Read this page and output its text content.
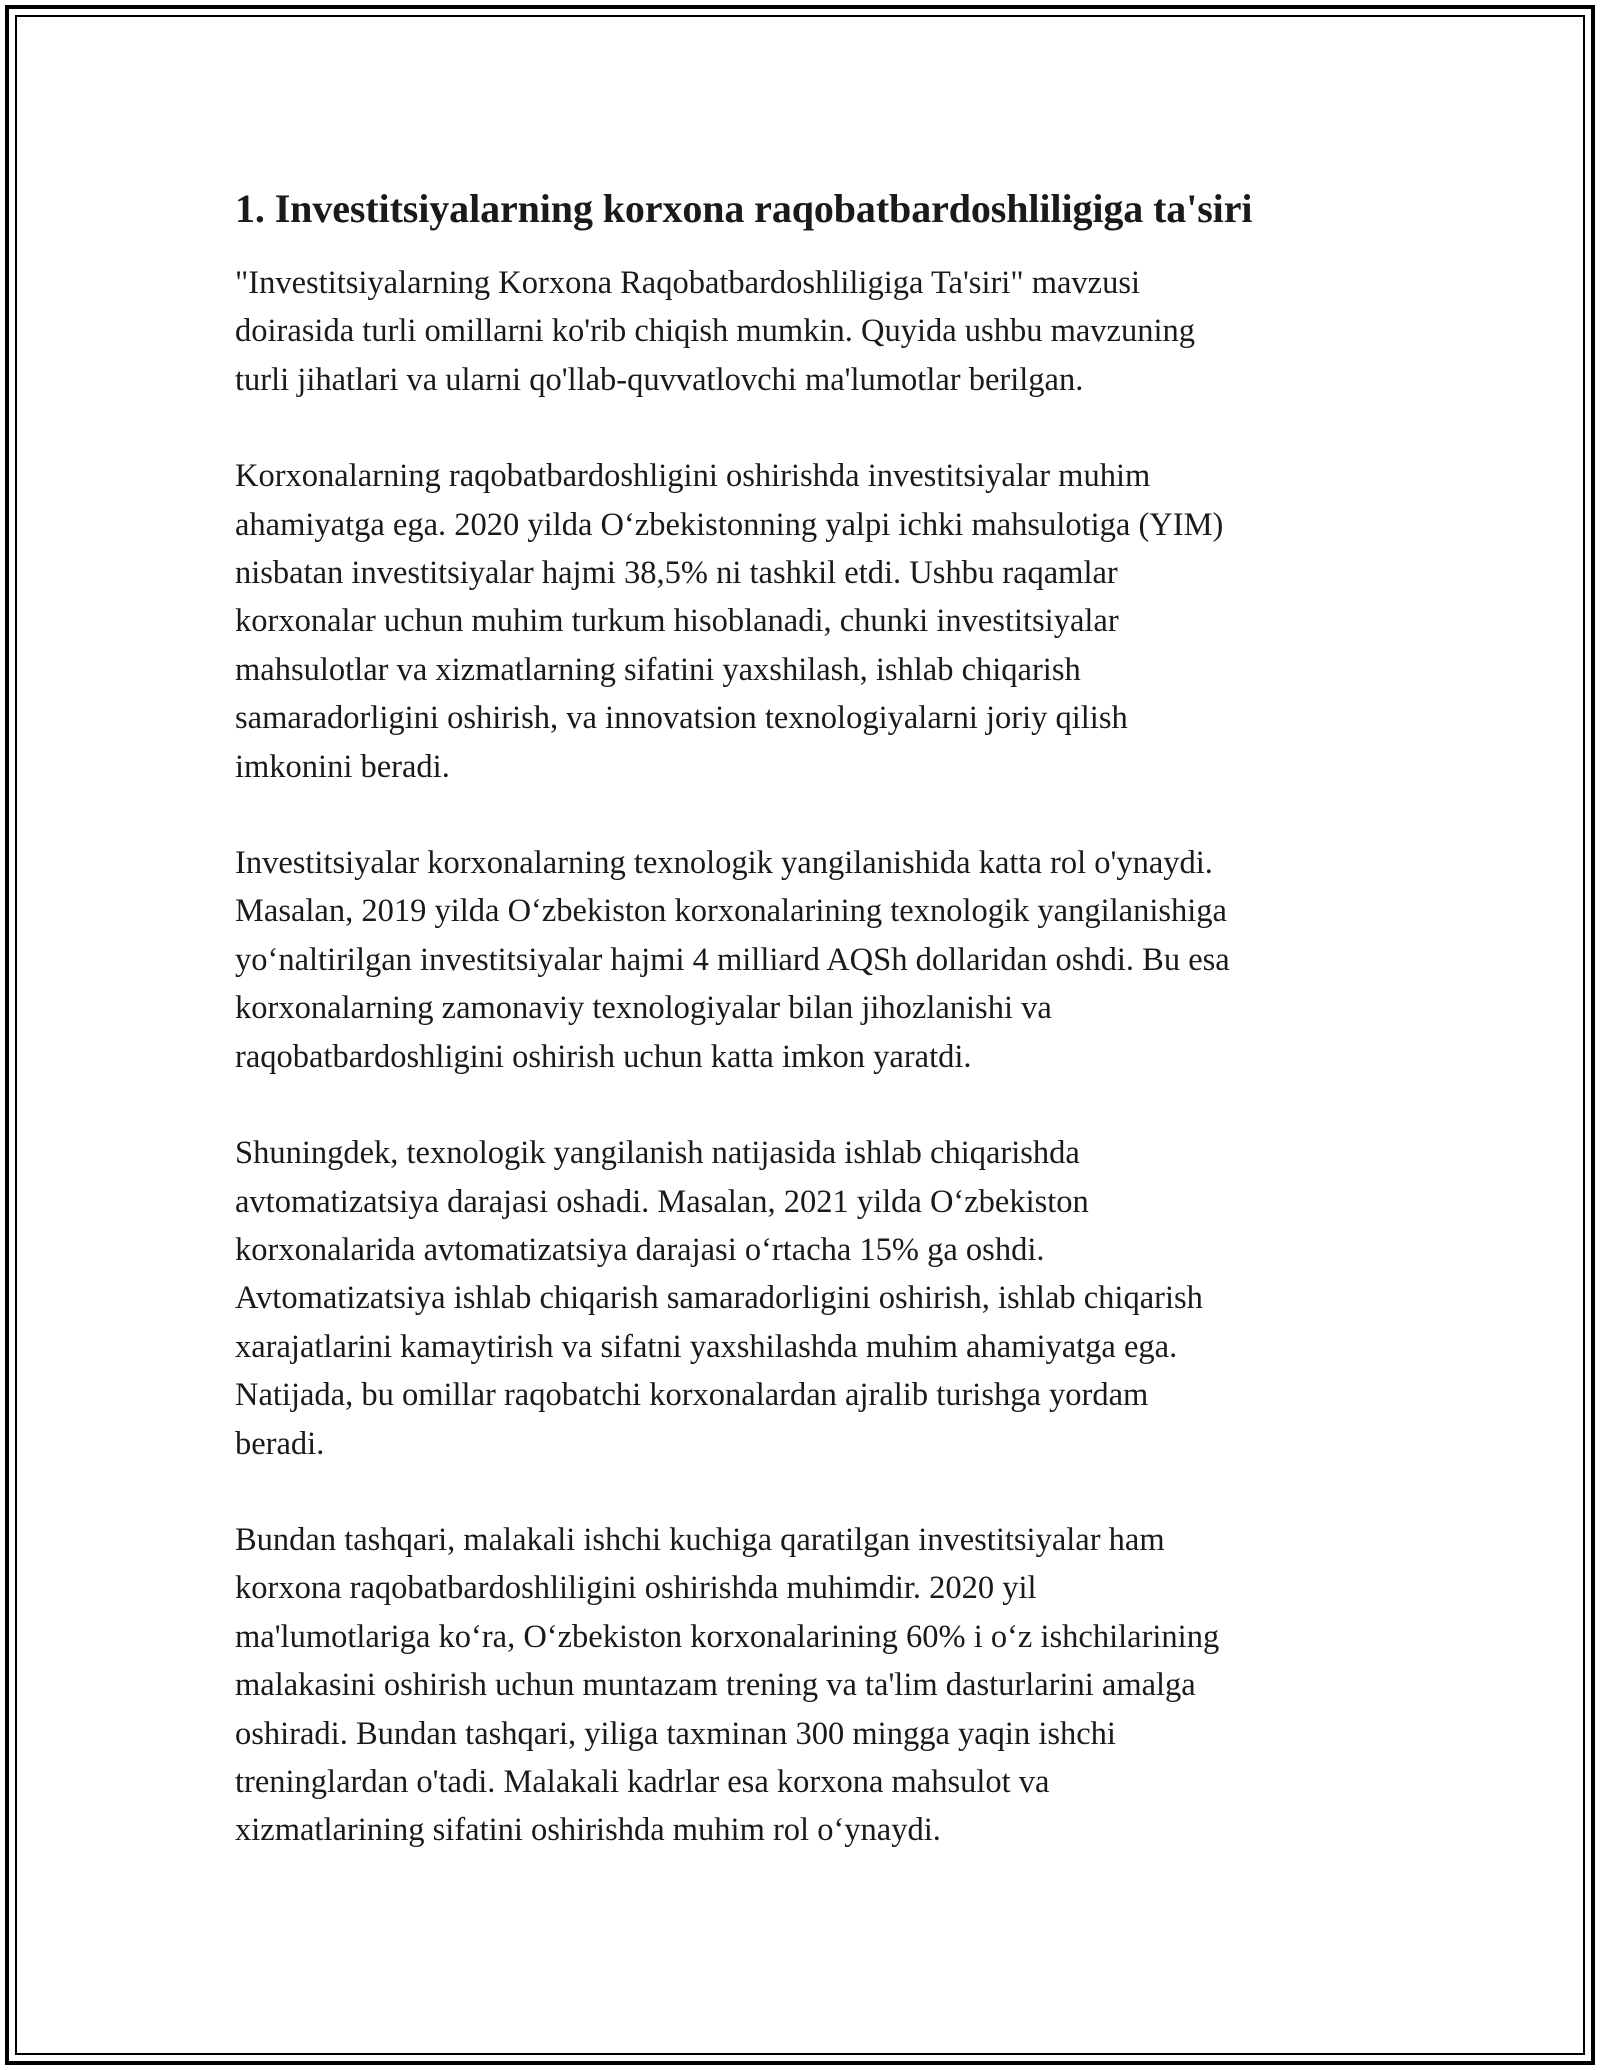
1. Investitsiyalarning korxona raqobatbardoshliligiga ta'siri

"Investitsiyalarning Korxona Raqobatbardoshliligiga Ta'siri" mavzusi
doirasida turli omillarni ko'rib chiqish mumkin. Quyida ushbu mavzuning
turli jihatlari va ularni qo'llab-quvvatlovchi ma'lumotlar berilgan.

Korxonalarning raqobatbardoshligini oshirishda investitsiyalar muhim
ahamiyatga ega. 2020 yilda O‘zbekistonning yalpi ichki mahsulotiga (YIM)
nisbatan investitsiyalar hajmi 38,5% ni tashkil etdi. Ushbu raqamlar
korxonalar uchun muhim turkum hisoblanadi, chunki investitsiyalar
mahsulotlar va xizmatlarning sifatini yaxshilash, ishlab chiqarish
samaradorligini oshirish, va innovatsion texnologiyalarni joriy qilish
imkonini beradi.

Investitsiyalar korxonalarning texnologik yangilanishida katta rol o'ynaydi.
Masalan, 2019 yilda O‘zbekiston korxonalarining texnologik yangilanishiga
yo‘naltirilgan investitsiyalar hajmi 4 milliard AQSh dollaridan oshdi. Bu esa
korxonalarning zamonaviy texnologiyalar bilan jihozlanishi va
raqobatbardoshligini oshirish uchun katta imkon yaratdi.

Shuningdek, texnologik yangilanish natijasida ishlab chiqarishda
avtomatizatsiya darajasi oshadi. Masalan, 2021 yilda O‘zbekiston
korxonalarida avtomatizatsiya darajasi o‘rtacha 15% ga oshdi.
Avtomatizatsiya ishlab chiqarish samaradorligini oshirish, ishlab chiqarish
xarajatlarini kamaytirish va sifatni yaxshilashda muhim ahamiyatga ega.
Natijada, bu omillar raqobatchi korxonalardan ajralib turishga yordam
beradi.

Bundan tashqari, malakali ishchi kuchiga qaratilgan investitsiyalar ham
korxona raqobatbardoshliligini oshirishda muhimdir. 2020 yil
ma'lumotlariga ko‘ra, O‘zbekiston korxonalarining 60% i o‘z ishchilarining
malakasini oshirish uchun muntazam trening va ta'lim dasturlarini amalga
oshiradi. Bundan tashqari, yiliga taxminan 300 mingga yaqin ishchi
treninglardan o'tadi. Malakali kadrlar esa korxona mahsulot va
xizmatlarining sifatini oshirishda muhim rol o‘ynaydi.
